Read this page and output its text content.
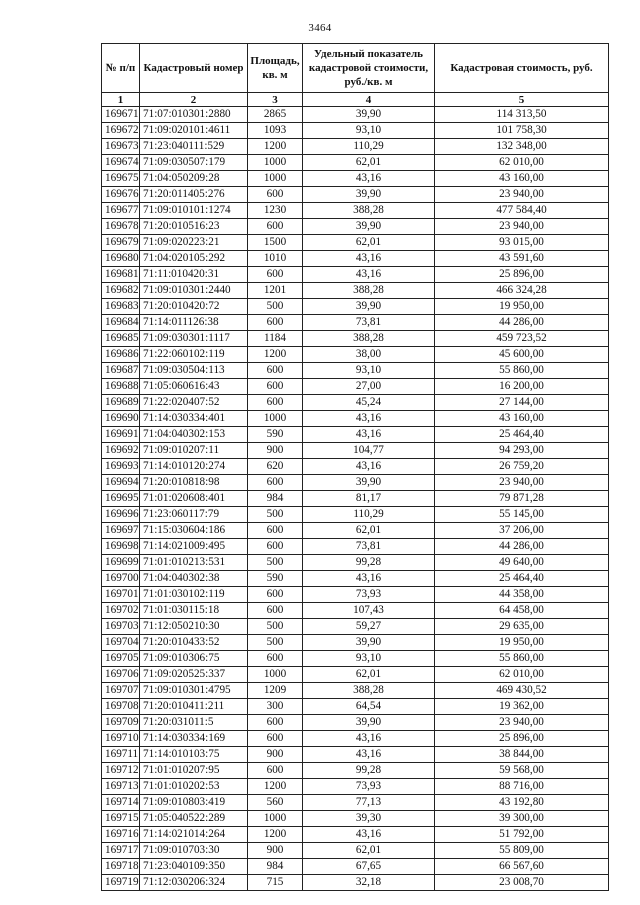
3464
№ п/п	Кадастровый номер	Площадь, кв. м	Удельный показатель кадастровой стоимости, руб./кв. м	Кадастровая стоимость, руб.
1	2	3	4	5
169671	71:07:010301:2880	2865	39,90	114 313,50
169672	71:09:020101:4611	1093	93,10	101 758,30
169673	71:23:040111:529	1200	110,29	132 348,00
169674	71:09:030507:179	1000	62,01	62 010,00
169675	71:04:050209:28	1000	43,16	43 160,00
169676	71:20:011405:276	600	39,90	23 940,00
169677	71:09:010101:1274	1230	388,28	477 584,40
169678	71:20:010516:23	600	39,90	23 940,00
169679	71:09:020223:21	1500	62,01	93 015,00
169680	71:04:020105:292	1010	43,16	43 591,60
169681	71:11:010420:31	600	43,16	25 896,00
169682	71:09:010301:2440	1201	388,28	466 324,28
169683	71:20:010420:72	500	39,90	19 950,00
169684	71:14:011126:38	600	73,81	44 286,00
169685	71:09:030301:1117	1184	388,28	459 723,52
169686	71:22:060102:119	1200	38,00	45 600,00
169687	71:09:030504:113	600	93,10	55 860,00
169688	71:05:060616:43	600	27,00	16 200,00
169689	71:22:020407:52	600	45,24	27 144,00
169690	71:14:030334:401	1000	43,16	43 160,00
169691	71:04:040302:153	590	43,16	25 464,40
169692	71:09:010207:11	900	104,77	94 293,00
169693	71:14:010120:274	620	43,16	26 759,20
169694	71:20:010818:98	600	39,90	23 940,00
169695	71:01:020608:401	984	81,17	79 871,28
169696	71:23:060117:79	500	110,29	55 145,00
169697	71:15:030604:186	600	62,01	37 206,00
169698	71:14:021009:495	600	73,81	44 286,00
169699	71:01:010213:531	500	99,28	49 640,00
169700	71:04:040302:38	590	43,16	25 464,40
169701	71:01:030102:119	600	73,93	44 358,00
169702	71:01:030115:18	600	107,43	64 458,00
169703	71:12:050210:30	500	59,27	29 635,00
169704	71:20:010433:52	500	39,90	19 950,00
169705	71:09:010306:75	600	93,10	55 860,00
169706	71:09:020525:337	1000	62,01	62 010,00
169707	71:09:010301:4795	1209	388,28	469 430,52
169708	71:20:010411:211	300	64,54	19 362,00
169709	71:20:031011:5	600	39,90	23 940,00
169710	71:14:030334:169	600	43,16	25 896,00
169711	71:14:010103:75	900	43,16	38 844,00
169712	71:01:010207:95	600	99,28	59 568,00
169713	71:01:010202:53	1200	73,93	88 716,00
169714	71:09:010803:419	560	77,13	43 192,80
169715	71:05:040522:289	1000	39,30	39 300,00
169716	71:14:021014:264	1200	43,16	51 792,00
169717	71:09:010703:30	900	62,01	55 809,00
169718	71:23:040109:350	984	67,65	66 567,60
169719	71:12:030206:324	715	32,18	23 008,70
